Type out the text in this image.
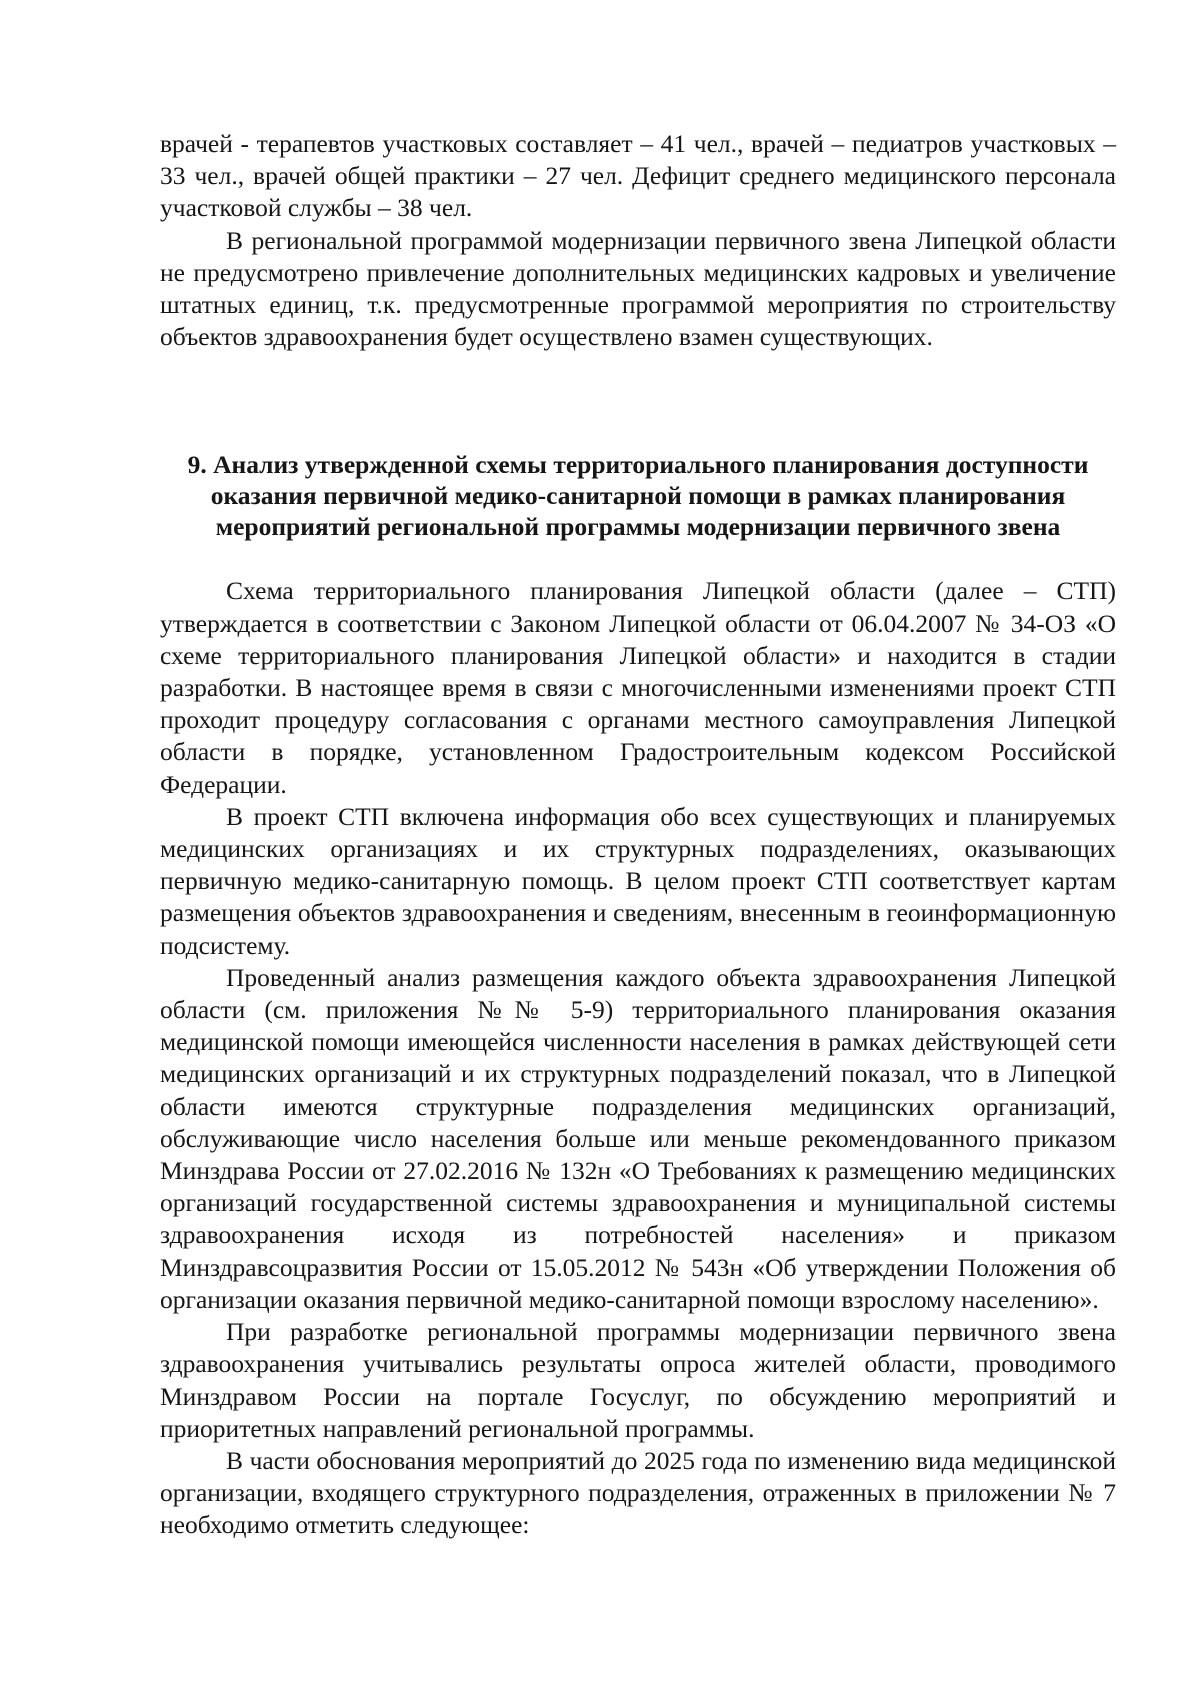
врачей - терапевтов участковых составляет – 41 чел., врачей – педиатров участковых – 33 чел., врачей общей практики – 27 чел. Дефицит среднего медицинского персонала участковой службы – 38 чел.

В региональной программой модернизации первичного звена Липецкой области не предусмотрено привлечение дополнительных медицинских кадровых и увеличение штатных единиц, т.к. предусмотренные программой мероприятия по строительству объектов здравоохранения будет осуществлено взамен существующих.

9. Анализ утвержденной схемы территориального планирования доступности оказания первичной медико-санитарной помощи в рамках планирования мероприятий региональной программы модернизации первичного звена

Схема территориального планирования Липецкой области (далее – СТП) утверждается в соответствии с Законом Липецкой области от 06.04.2007 № 34-ОЗ «О схеме территориального планирования Липецкой области» и находится в стадии разработки. В настоящее время в связи с многочисленными изменениями проект СТП проходит процедуру согласования с органами местного самоуправления Липецкой области в порядке, установленном Градостроительным кодексом Российской Федерации.

В проект СТП включена информация обо всех существующих и планируемых медицинских организациях и их структурных подразделениях, оказывающих первичную медико-санитарную помощь. В целом проект СТП соответствует картам размещения объектов здравоохранения и сведениям, внесенным в геоинформационную подсистему.

Проведенный анализ размещения каждого объекта здравоохранения Липецкой области (см. приложения №№ 5-9) территориального планирования оказания медицинской помощи имеющейся численности населения в рамках действующей сети медицинских организаций и их структурных подразделений показал, что в Липецкой области имеются структурные подразделения медицинских организаций, обслуживающие число населения больше или меньше рекомендованного приказом Минздрава России от 27.02.2016 № 132н «О Требованиях к размещению медицинских организаций государственной системы здравоохранения и муниципальной системы здравоохранения исходя из потребностей населения» и приказом Минздравсоцразвития России от 15.05.2012 № 543н «Об утверждении Положения об организации оказания первичной медико-санитарной помощи взрослому населению».

При разработке региональной программы модернизации первичного звена здравоохранения учитывались результаты опроса жителей области, проводимого Минздравом России на портале Госуслуг, по обсуждению мероприятий и приоритетных направлений региональной программы.

В части обоснования мероприятий до 2025 года по изменению вида медицинской организации, входящего структурного подразделения, отраженных в приложении № 7 необходимо отметить следующее:
